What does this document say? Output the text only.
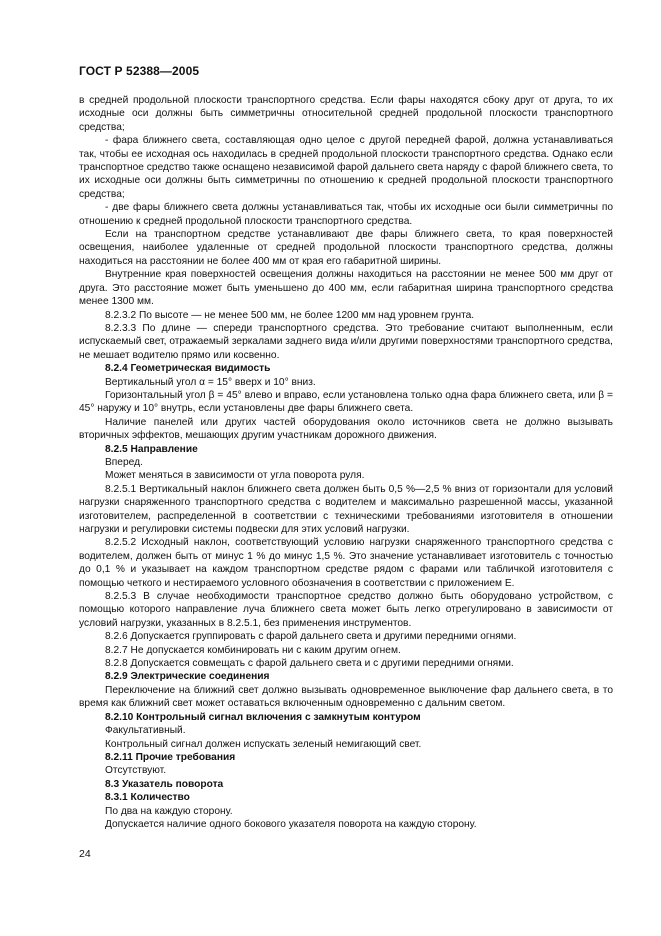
ГОСТ Р 52388—2005

в средней продольной плоскости транспортного средства. Если фары находятся сбоку друг от друга, то их исходные оси должны быть симметричны относительной средней продольной плоскости транспортного средства;

- фара ближнего света, составляющая одно целое с другой передней фарой, должна устанавливаться так, чтобы ее исходная ось находилась в средней продольной плоскости транспортного средства. Однако если транспортное средство также оснащено независимой фарой дальнего света наряду с фарой ближнего света, то их исходные оси должны быть симметричны по отношению к средней продольной плоскости транспортного средства;

- две фары ближнего света должны устанавливаться так, чтобы их исходные оси были симметричны по отношению к средней продольной плоскости транспортного средства.

Если на транспортном средстве устанавливают две фары ближнего света, то края поверхностей освещения, наиболее удаленные от средней продольной плоскости транспортного средства, должны находиться на расстоянии не более 400 мм от края его габаритной ширины.

Внутренние края поверхностей освещения должны находиться на расстоянии не менее 500 мм друг от друга. Это расстояние может быть уменьшено до 400 мм, если габаритная ширина транспортного средства менее 1300 мм.

8.2.3.2 По высоте — не менее 500 мм, не более 1200 мм над уровнем грунта.

8.2.3.3 По длине — спереди транспортного средства. Это требование считают выполненным, если испускаемый свет, отражаемый зеркалами заднего вида и/или другими поверхностями транспортного средства, не мешает водителю прямо или косвенно.

8.2.4 Геометрическая видимость

Вертикальный угол α = 15° вверх и 10° вниз.

Горизонтальный угол β = 45° влево и вправо, если установлена только одна фара ближнего света, или β = 45° наружу и 10° внутрь, если установлены две фары ближнего света.

Наличие панелей или других частей оборудования около источников света не должно вызывать вторичных эффектов, мешающих другим участникам дорожного движения.

8.2.5 Направление

Вперед.

Может меняться в зависимости от угла поворота руля.

8.2.5.1 Вертикальный наклон ближнего света должен быть 0,5 %—2,5 % вниз от горизонтали для условий нагрузки снаряженного транспортного средства с водителем и максимально разрешенной массы, указанной изготовителем, распределенной в соответствии с техническими требованиями изготовителя в отношении нагрузки и регулировки системы подвески для этих условий нагрузки.

8.2.5.2 Исходный наклон, соответствующий условию нагрузки снаряженного транспортного средства с водителем, должен быть от минус 1 % до минус 1,5 %. Это значение устанавливает изготовитель с точностью до 0,1 % и указывает на каждом транспортном средстве рядом с фарами или табличкой изготовителя с помощью четкого и нестираемого условного обозначения в соответствии с приложением Е.

8.2.5.3 В случае необходимости транспортное средство должно быть оборудовано устройством, с помощью которого направление луча ближнего света может быть легко отрегулировано в зависимости от условий нагрузки, указанных в 8.2.5.1, без применения инструментов.

8.2.6 Допускается группировать с фарой дальнего света и другими передними огнями.

8.2.7 Не допускается комбинировать ни с каким другим огнем.

8.2.8 Допускается совмещать с фарой дальнего света и с другими передними огнями.

8.2.9 Электрические соединения

Переключение на ближний свет должно вызывать одновременное выключение фар дальнего света, в то время как ближний свет может оставаться включенным одновременно с дальним светом.

8.2.10 Контрольный сигнал включения с замкнутым контуром

Факультативный.

Контрольный сигнал должен испускать зеленый немигающий свет.

8.2.11 Прочие требования

Отсутствуют.

8.3 Указатель поворота

8.3.1 Количество

По два на каждую сторону.

Допускается наличие одного бокового указателя поворота на каждую сторону.

24
